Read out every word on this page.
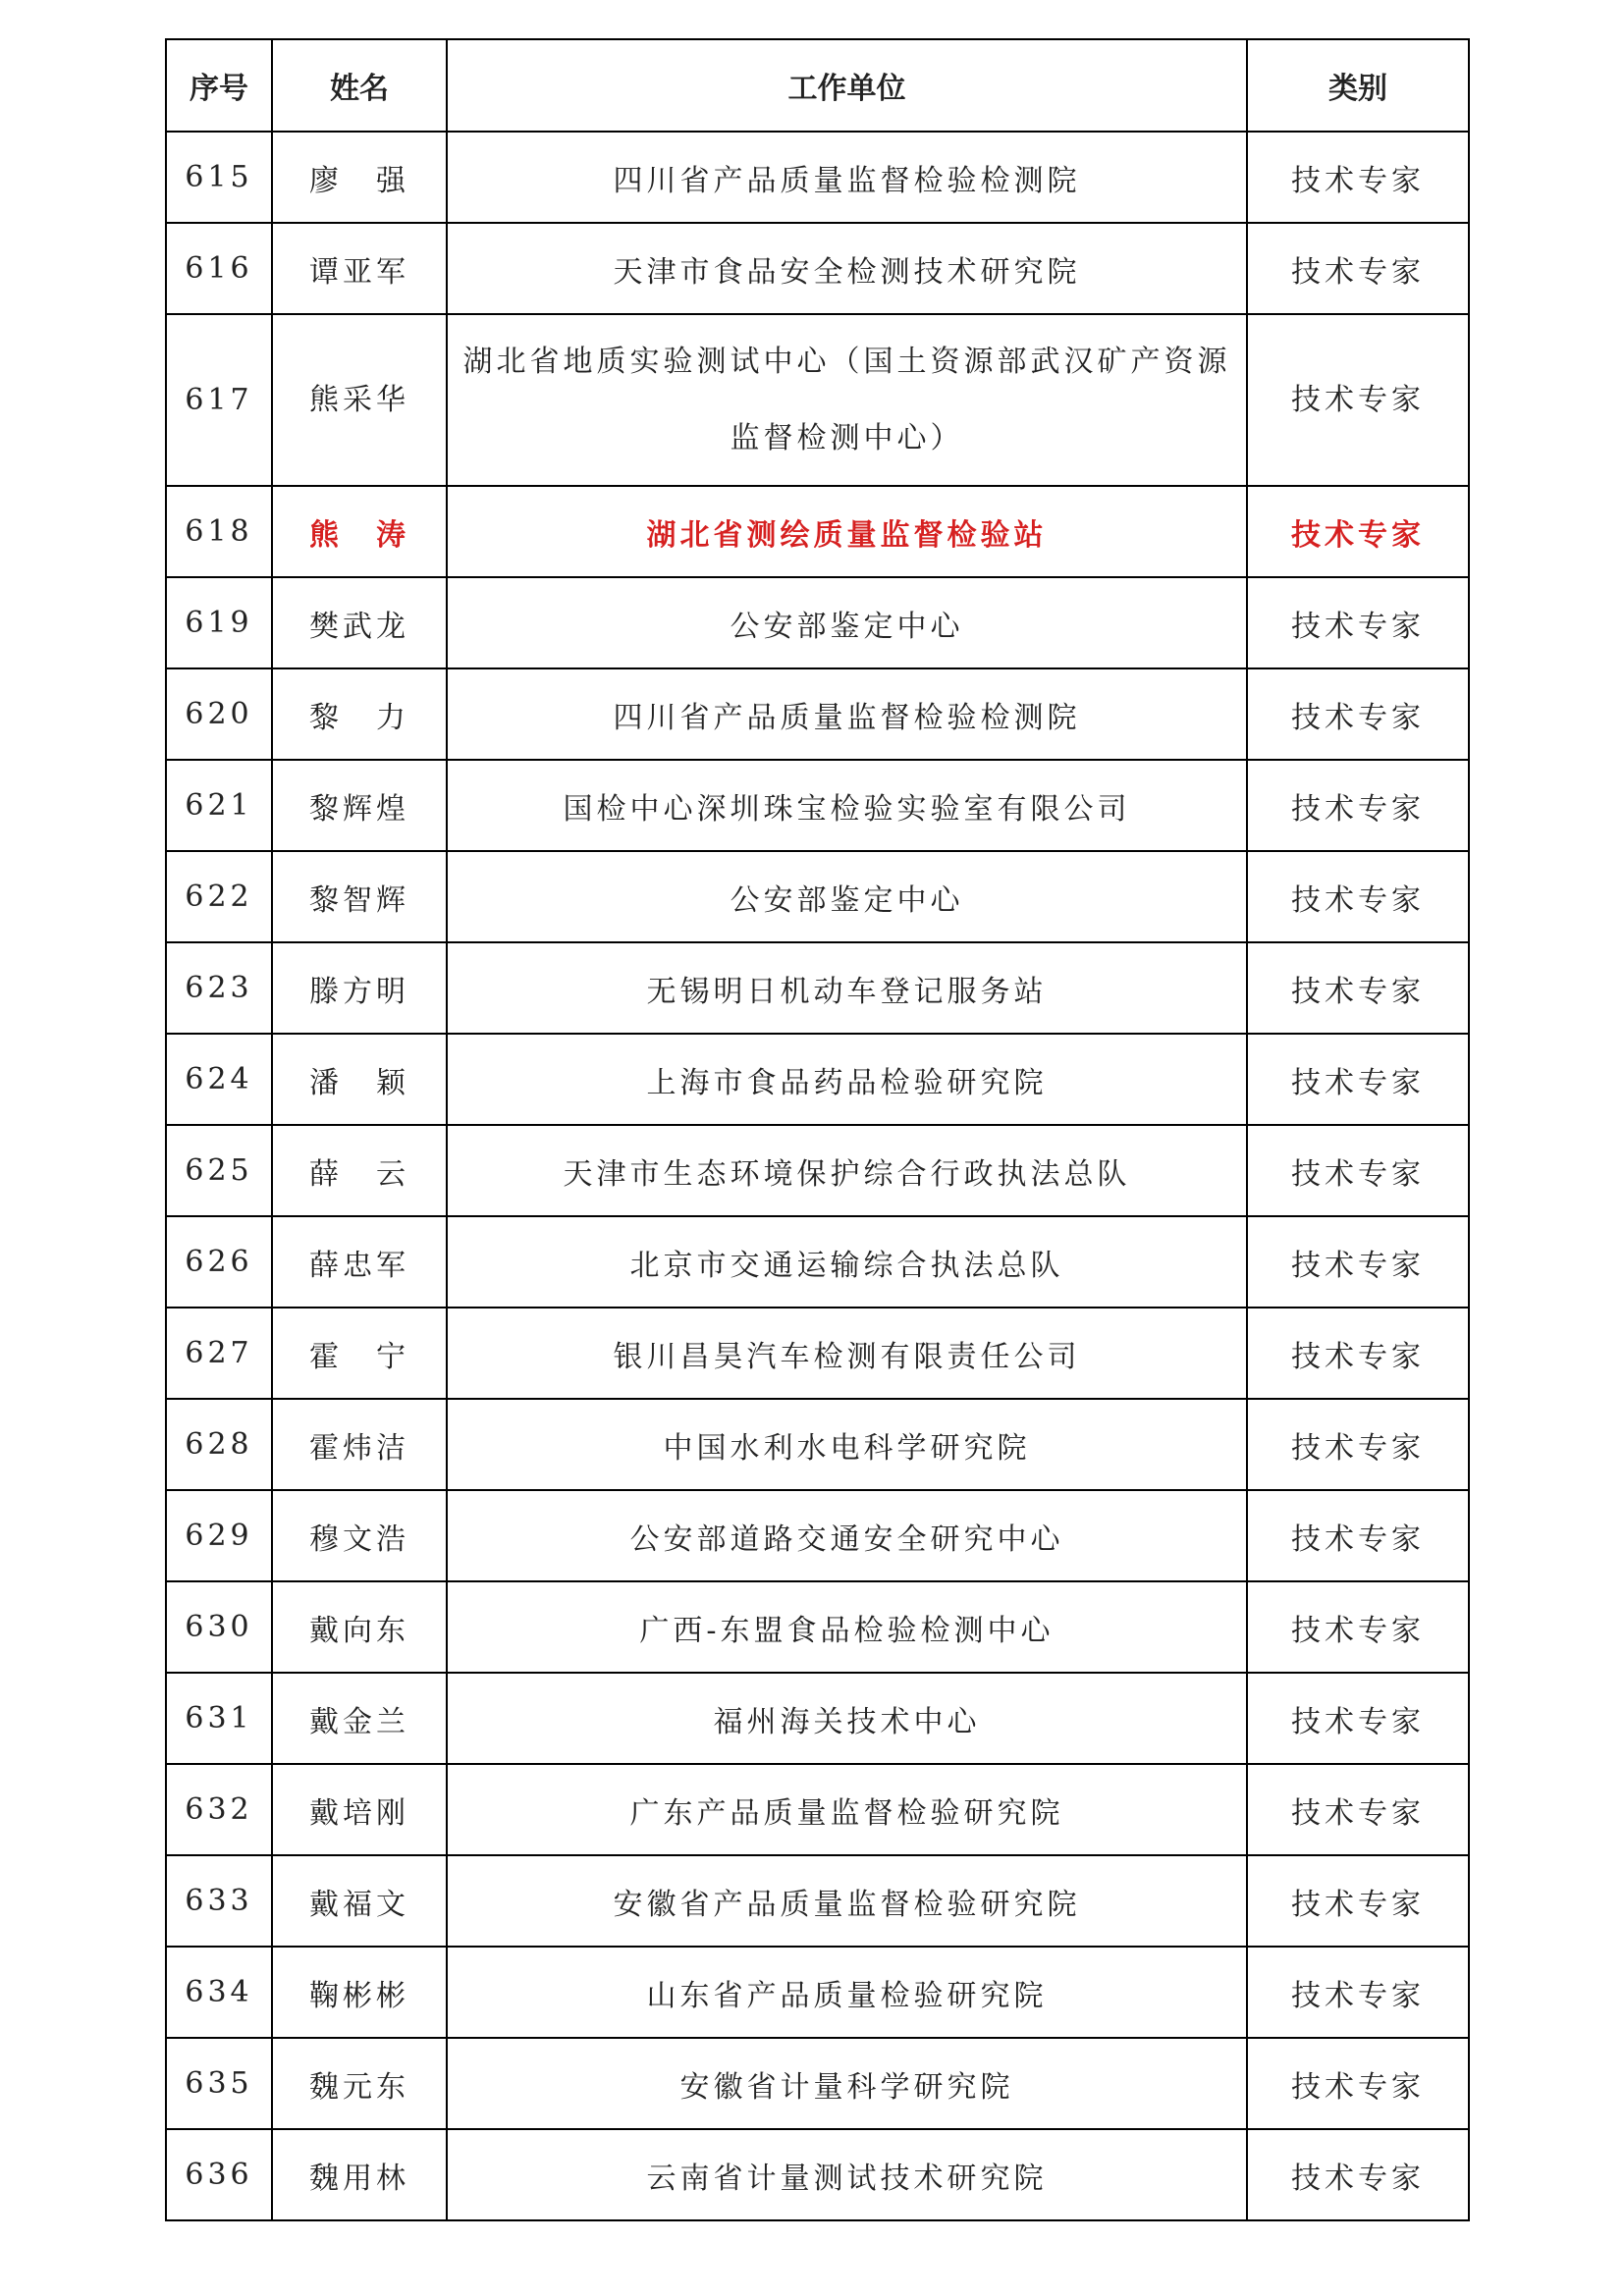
序号	姓名	工作单位	类别
615	廖　强	四川省产品质量监督检验检测院	技术专家
616	谭亚军	天津市食品安全检测技术研究院	技术专家
617	熊采华	湖北省地质实验测试中心（国土资源部武汉矿产资源监督检测中心）	技术专家
618	熊　涛	湖北省测绘质量监督检验站	技术专家
619	樊武龙	公安部鉴定中心	技术专家
620	黎　力	四川省产品质量监督检验检测院	技术专家
621	黎辉煌	国检中心深圳珠宝检验实验室有限公司	技术专家
622	黎智辉	公安部鉴定中心	技术专家
623	滕方明	无锡明日机动车登记服务站	技术专家
624	潘　颖	上海市食品药品检验研究院	技术专家
625	薛　云	天津市生态环境保护综合行政执法总队	技术专家
626	薛忠军	北京市交通运输综合执法总队	技术专家
627	霍　宁	银川昌昊汽车检测有限责任公司	技术专家
628	霍炜洁	中国水利水电科学研究院	技术专家
629	穆文浩	公安部道路交通安全研究中心	技术专家
630	戴向东	广西-东盟食品检验检测中心	技术专家
631	戴金兰	福州海关技术中心	技术专家
632	戴培刚	广东产品质量监督检验研究院	技术专家
633	戴福文	安徽省产品质量监督检验研究院	技术专家
634	鞠彬彬	山东省产品质量检验研究院	技术专家
635	魏元东	安徽省计量科学研究院	技术专家
636	魏用林	云南省计量测试技术研究院	技术专家
